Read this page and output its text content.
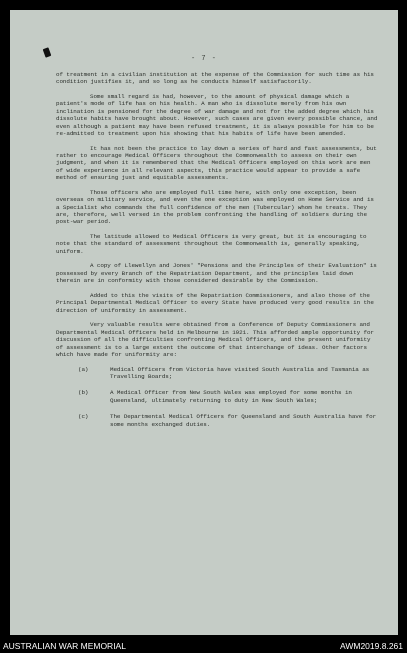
- 7 -

of treatment in a civilian institution at the expense of the Commission for such time as his condition justifies it, and so long as he conducts himself satisfactorily.

Some small regard is had, however, to the amount of physical damage which a patient's mode of life has on his health. A man who is dissolute merely from his own inclination is pensioned for the degree of war damage and not for the added degree which his dissolute habits have brought about. However, such cases are given every possible chance, and even although a patient may have been refused treatment, it is always possible for him to be re-admitted to treatment upon his showing that his habits of life have been amended.

It has not been the practice to lay down a series of hard and fast assessments, but rather to encourage Medical Officers throughout the Commonwealth to assess on their own judgment, and when it is remembered that the Medical Officers employed on this work are men of wide experience in all relevant aspects, this practice would appear to provide a safe method of ensuring just and equitable assessments.

Those officers who are employed full time here, with only one exception, been overseas on military service, and even the one exception was employed on Home Service and is a Specialist who commands the full confidence of the men (Tubercular) whom he treats. They are, therefore, well versed in the problem confronting the handling of soldiers during the post-war period.

The latitude allowed to Medical Officers is very great, but it is encouraging to note that the standard of assessment throughout the Commonwealth is, generally speaking, uniform.

A copy of Llewellyn and Jones' "Pensions and the Principles of their Evaluation" is possessed by every Branch of the Repatriation Department, and the principles laid down therein are in conformity with those considered desirable by the Commission.

Added to this the visits of the Repatriation Commissioners, and also those of the Principal Departmental Medical Officer to every State have produced very good results in the direction of uniformity in assessment.

Very valuable results were obtained from a Conference of Deputy Commissioners and Departmental Medical Officers held in Melbourne in 1921. This afforded ample opportunity for discussion of all the difficulties confronting Medical Officers, and the present uniformity of assessment is to a large extent the outcome of that interchange of ideas. Other factors which have made for uniformity are:

(a)	Medical Officers from Victoria have visited South Australia and Tasmania as Travelling Boards;
(b)	A Medical Officer from New South Wales was employed for some months in Queensland, ultimately returning to duty in New South Wales;
(c)	The Departmental Medical Officers for Queensland and South Australia have for some months exchanged duties.
AUSTRALIAN WAR MEMORIAL	AWM2019.8.261
